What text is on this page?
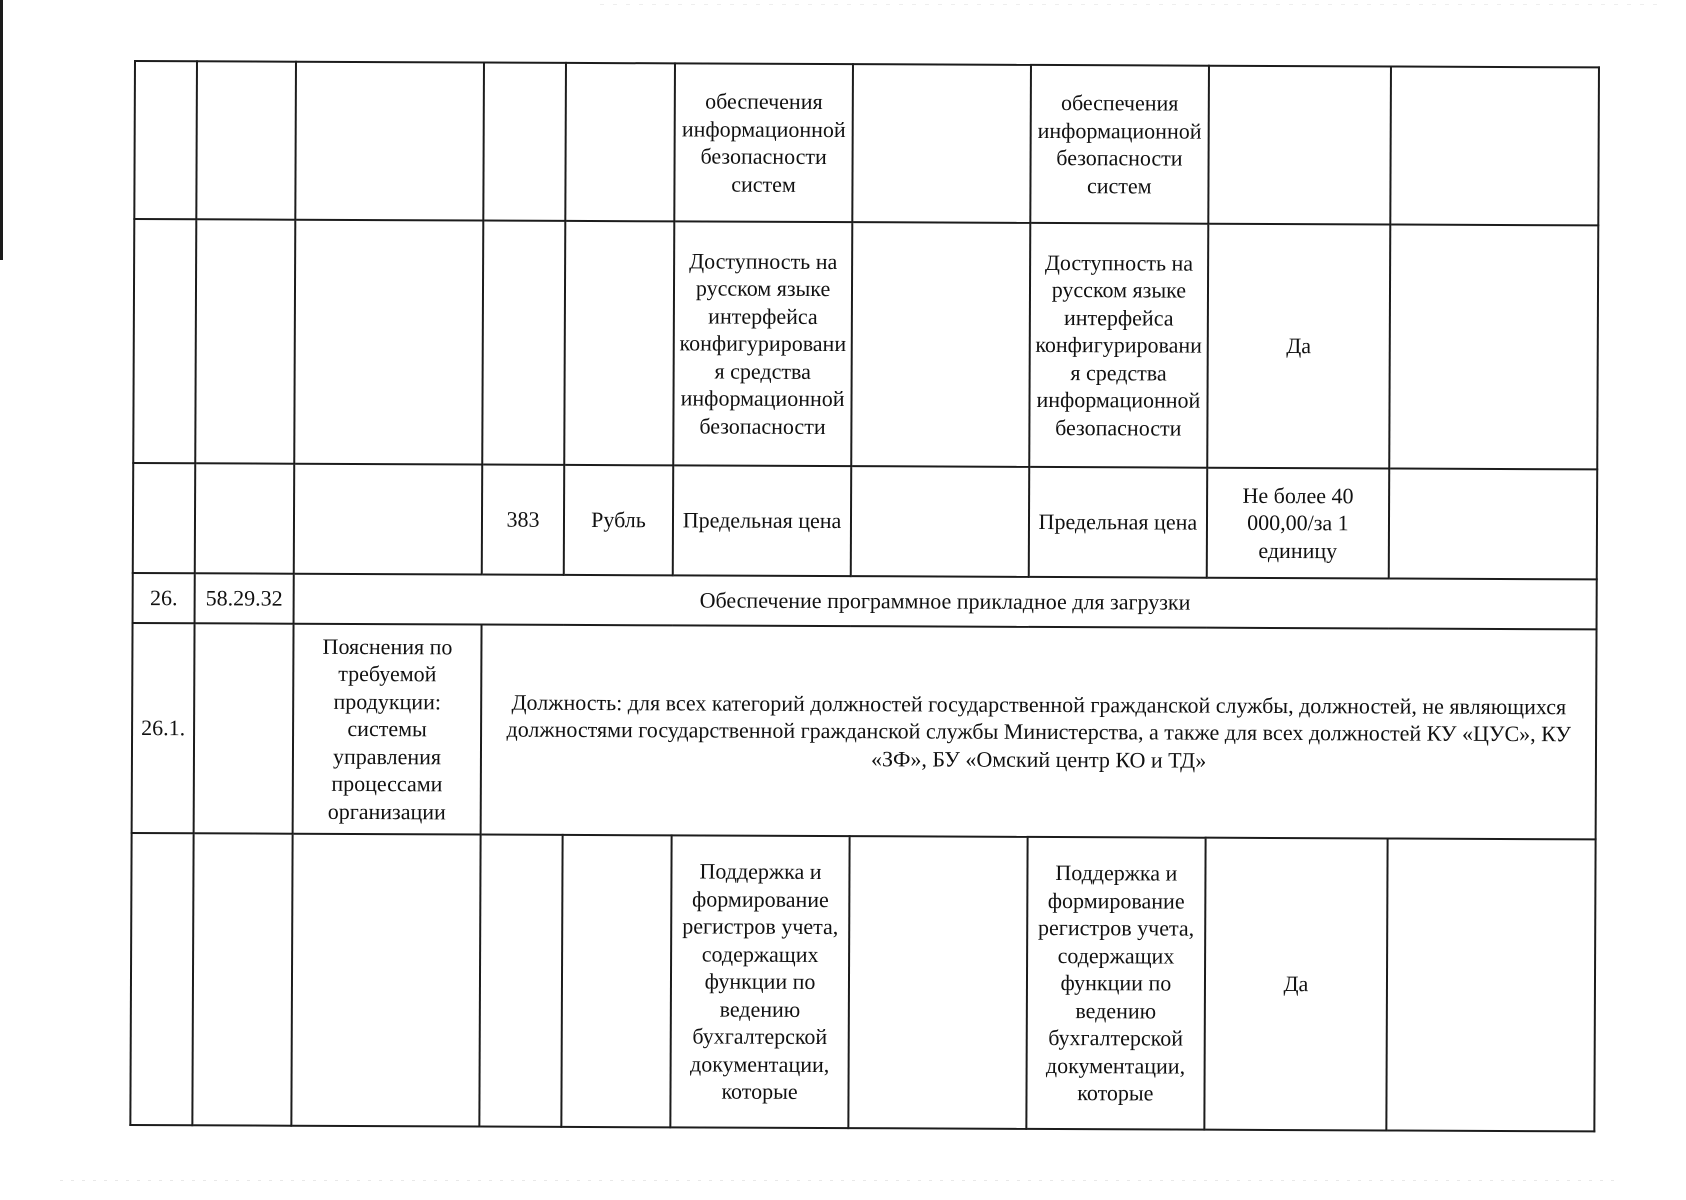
					обеспечения информационной безопасности систем		обеспечения информационной безопасности систем		
					Доступность на русском языке интерфейса конфигурирования средства информационной безопасности		Доступность на русском языке интерфейса конфигурирования средства информационной безопасности	Да	
			383	Рубль	Предельная цена		Предельная цена	Не более 40 000,00/за 1 единицу	
26.	58.29.32	Обеспечение программное прикладное для загрузки							
26.1.		Пояснения по требуемой продукции: системы управления процессами организации	Должность: для всех категорий должностей государственной гражданской службы, должностей, не являющихся должностями государственной гражданской службы Министерства, а также для всех должностей КУ «ЦУС», КУ «ЗФ», БУ «Омский центр КО и ТД»						
					Поддержка и формирование регистров учета, содержащих функции по ведению бухгалтерской документации, которые		Поддержка и формирование регистров учета, содержащих функции по ведению бухгалтерской документации, которые	Да	
